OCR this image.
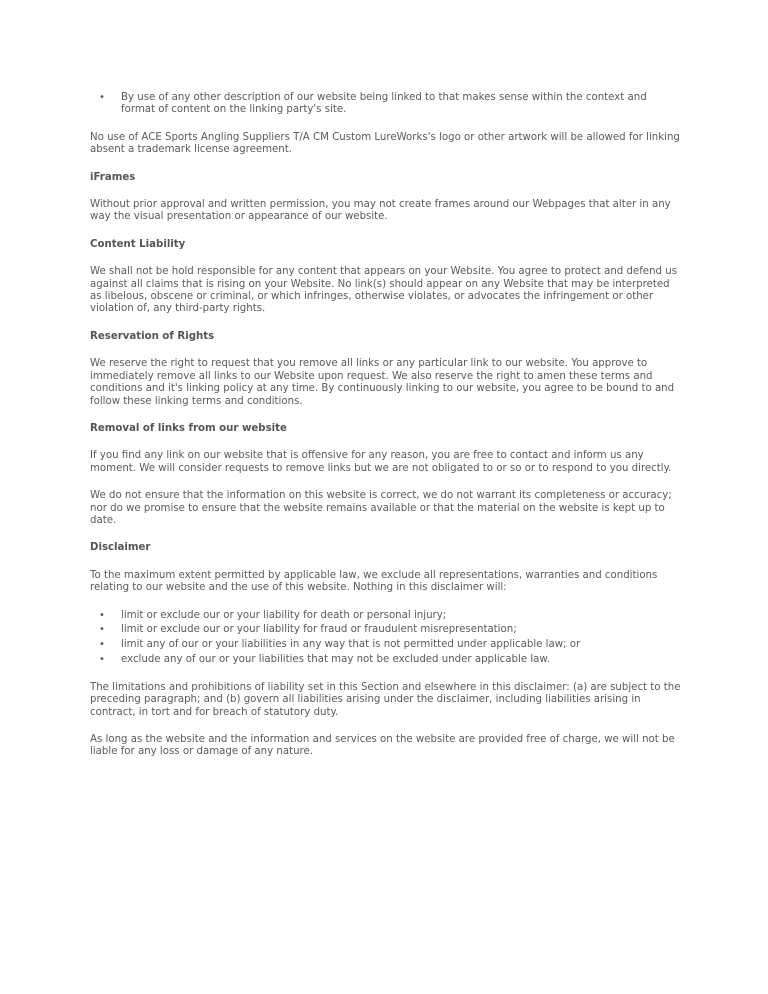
• By use of any other description of our website being linked to that makes sense within the context and format of content on the linking party's site.

No use of ACE Sports Angling Suppliers T/A CM Custom LureWorks's logo or other artwork will be allowed for linking absent a trademark license agreement.

iFrames

Without prior approval and written permission, you may not create frames around our Webpages that alter in any way the visual presentation or appearance of our website.

Content Liability

We shall not be hold responsible for any content that appears on your Website. You agree to protect and defend us against all claims that is rising on your Website. No link(s) should appear on any Website that may be interpreted as libelous, obscene or criminal, or which infringes, otherwise violates, or advocates the infringement or other violation of, any third-party rights.

Reservation of Rights

We reserve the right to request that you remove all links or any particular link to our website. You approve to immediately remove all links to our Website upon request. We also reserve the right to amen these terms and conditions and it's linking policy at any time. By continuously linking to our website, you agree to be bound to and follow these linking terms and conditions.

Removal of links from our website

If you find any link on our website that is offensive for any reason, you are free to contact and inform us any moment. We will consider requests to remove links but we are not obligated to or so or to respond to you directly.

We do not ensure that the information on this website is correct, we do not warrant its completeness or accuracy; nor do we promise to ensure that the website remains available or that the material on the website is kept up to date.

Disclaimer

To the maximum extent permitted by applicable law, we exclude all representations, warranties and conditions relating to our website and the use of this website. Nothing in this disclaimer will:

• limit or exclude our or your liability for death or personal injury;
• limit or exclude our or your liability for fraud or fraudulent misrepresentation;
• limit any of our or your liabilities in any way that is not permitted under applicable law; or
• exclude any of our or your liabilities that may not be excluded under applicable law.

The limitations and prohibitions of liability set in this Section and elsewhere in this disclaimer: (a) are subject to the preceding paragraph; and (b) govern all liabilities arising under the disclaimer, including liabilities arising in contract, in tort and for breach of statutory duty.

As long as the website and the information and services on the website are provided free of charge, we will not be liable for any loss or damage of any nature.
